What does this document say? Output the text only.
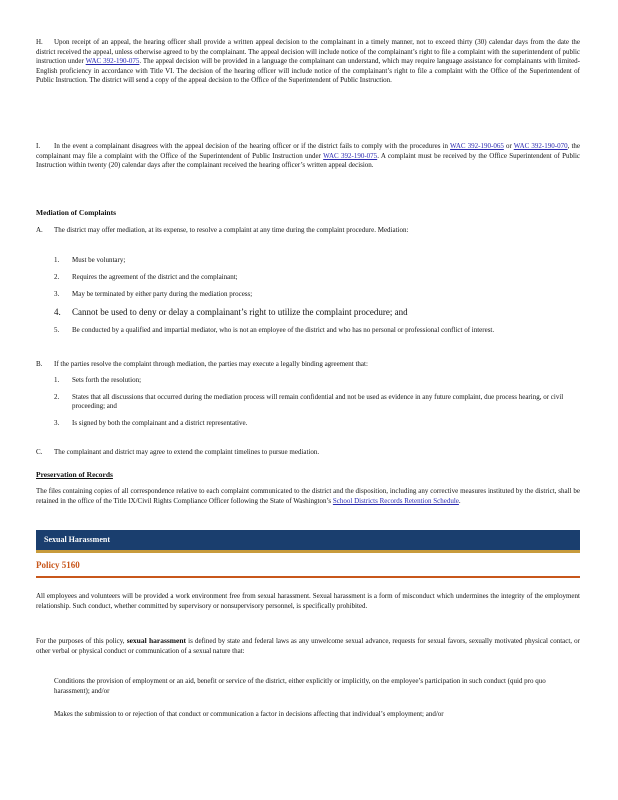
H. Upon receipt of an appeal, the hearing officer shall provide a written appeal decision to the complainant in a timely manner, not to exceed thirty (30) calendar days from the date the district received the appeal, unless otherwise agreed to by the complainant. The appeal decision will include notice of the complainant’s right to file a complaint with the superintendent of public instruction under WAC 392-190-075. The appeal decision will be provided in a language the complainant can understand, which may require language assistance for complainants with limited-English proficiency in accordance with Title VI. The decision of the hearing officer will include notice of the complainant’s right to file a complaint with the Office of the Superintendent of Public Instruction. The district will send a copy of the appeal decision to the Office of the Superintendent of Public Instruction.
I. In the event a complainant disagrees with the appeal decision of the hearing officer or if the district fails to comply with the procedures in WAC 392-190-065 or WAC 392-190-070, the complainant may file a complaint with the Office of the Superintendent of Public Instruction under WAC 392-190-075. A complaint must be received by the Office Superintendent of Public Instruction within twenty (20) calendar days after the complainant received the hearing officer’s written appeal decision.
Mediation of Complaints
A. The district may offer mediation, at its expense, to resolve a complaint at any time during the complaint procedure. Mediation:
1. Must be voluntary;
2. Requires the agreement of the district and the complainant;
3. May be terminated by either party during the mediation process;
4. Cannot be used to deny or delay a complainant’s right to utilize the complaint procedure; and
5. Be conducted by a qualified and impartial mediator, who is not an employee of the district and who has no personal or professional conflict of interest.
B. If the parties resolve the complaint through mediation, the parties may execute a legally binding agreement that:
1. Sets forth the resolution;
2. States that all discussions that occurred during the mediation process will remain confidential and not be used as evidence in any future complaint, due process hearing, or civil proceeding; and
3. Is signed by both the complainant and a district representative.
C. The complainant and district may agree to extend the complaint timelines to pursue mediation.
Preservation of Records
The files containing copies of all correspondence relative to each complaint communicated to the district and the disposition, including any corrective measures instituted by the district, shall be retained in the office of the Title IX/Civil Rights Compliance Officer following the State of Washington’s School Districts Records Retention Schedule.
Sexual Harassment
Policy 5160
All employees and volunteers will be provided a work environment free from sexual harassment. Sexual harassment is a form of misconduct which undermines the integrity of the employment relationship. Such conduct, whether committed by supervisory or nonsupervisory personnel, is specifically prohibited.
For the purposes of this policy, sexual harassment is defined by state and federal laws as any unwelcome sexual advance, requests for sexual favors, sexually motivated physical contact, or other verbal or physical conduct or communication of a sexual nature that:
Conditions the provision of employment or an aid, benefit or service of the district, either explicitly or implicitly, on the employee’s participation in such conduct (quid pro quo harassment); and/or
Makes the submission to or rejection of that conduct or communication a factor in decisions affecting that individual’s employment; and/or
